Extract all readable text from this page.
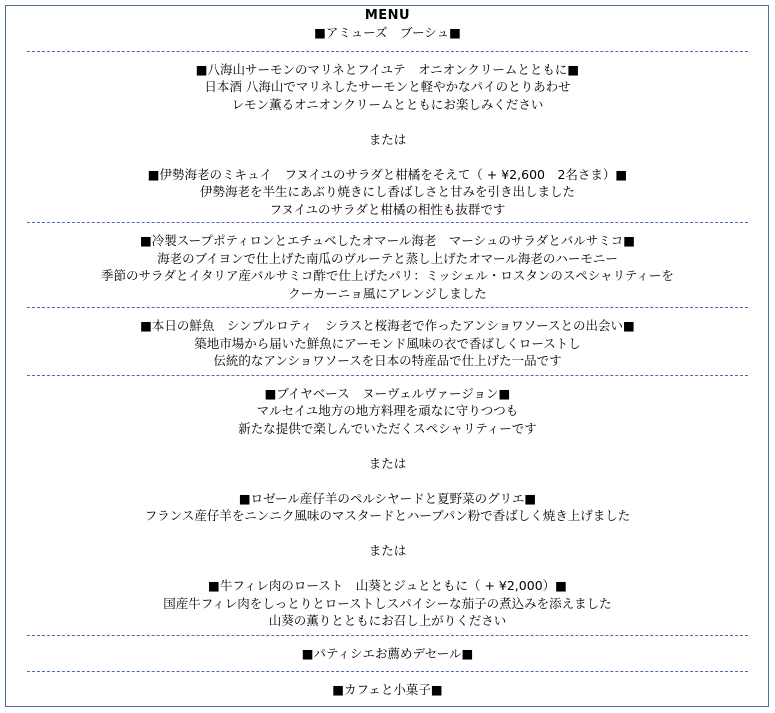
MENU
■アミューズ　ブーシュ■
■八海山サーモンのマリネとフイユテ　オニオンクリームとともに■
日本酒 八海山でマリネしたサーモンと軽やかなパイのとりあわせ
レモン薫るオニオンクリームとともにお楽しみください
または
■伊勢海老のミキュイ　フヌイユのサラダと柑橘をそえて（ + ¥2,600　2名さま）■
伊勢海老を半生にあぶり焼きにし香ばしさと甘みを引き出しました
フヌイユのサラダと柑橘の相性も抜群です
■冷製スープポティロンとエチュベしたオマール海老　マーシュのサラダとバルサミコ■
海老のブイヨンで仕上げた南瓜のヴルーテと蒸し上げたオマール海老のハーモニー
季節のサラダとイタリア産バルサミコ酢で仕上げたパリ：ミッシェル・ロスタンのスペシャリティーを
クーカーニョ風にアレンジしました
■本日の鮮魚　シンプルロティ　シラスと桜海老で作ったアンショワソースとの出会い■
築地市場から届いた鮮魚にアーモンド風味の衣で香ばしくローストし
伝統的なアンショワソースを日本の特産品で仕上げた一品です
■ブイヤベース　ヌーヴェルヴァージョン■
マルセイユ地方の地方料理を頑なに守りつつも
新たな提供で楽しんでいただくスペシャリティーです
または
■ロゼール産仔羊のペルシヤードと夏野菜のグリエ■
フランス産仔羊をニンニク風味のマスタードとハーブパン粉で香ばしく焼き上げました
または
■牛フィレ肉のロースト　山葵とジュとともに（ + ¥2,000）■
国産牛フィレ肉をしっとりとローストしスパイシーな茄子の煮込みを添えました
山葵の薫りとともにお召し上がりください
■パティシエお薦めデセール■
■カフェと小菓子■
